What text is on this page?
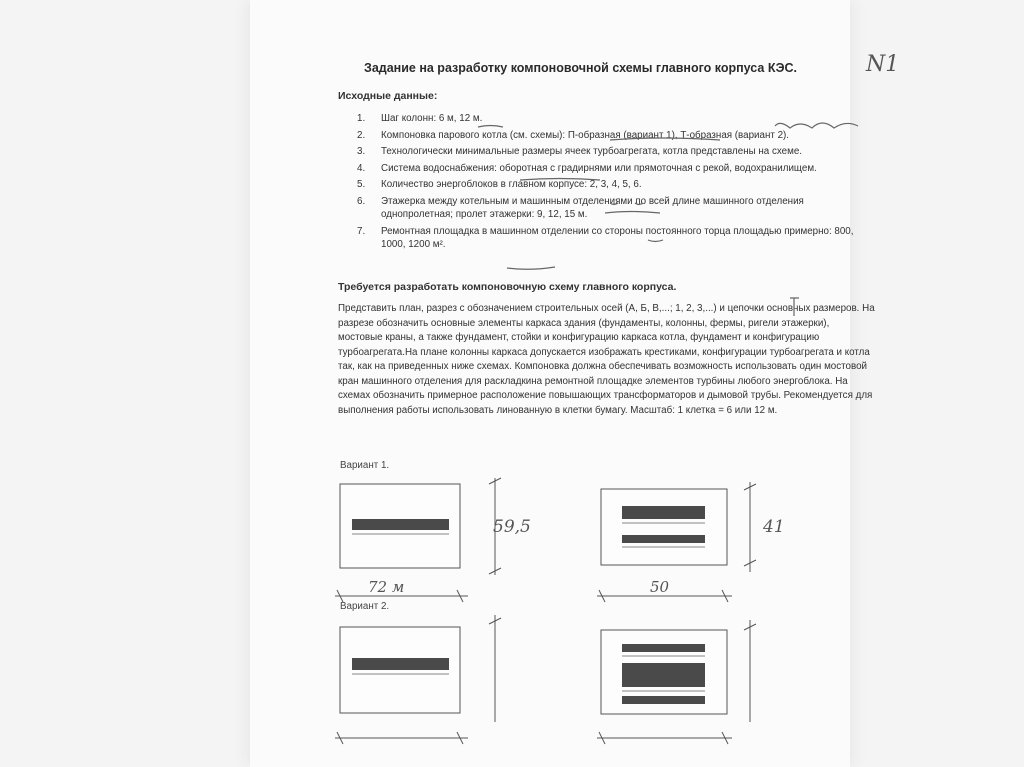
Задание на разработку компоновочной схемы главного корпуса КЭС.	N1
Исходные данные:
1. Шаг колонн: 6 м, 12 м.
2. Компоновка парового котла (см. схемы): П-образная (вариант 1), Т-образная (вариант 2).
3. Технологически минимальные размеры ячеек турбоагрегата, котла представлены на схеме.
4. Система водоснабжения: оборотная с градирнями или прямоточная с рекой, водохранилищем.
5. Количество энергоблоков в главном корпусе: 2, 3, 4, 5, 6.
6. Этажерка между котельным и машинным отделениями по всей длине машинного отделения однопролетная; пролет этажерки: 9, 12, 15 м.
7. Ремонтная площадка в машинном отделении со стороны постоянного торца площадью примерно: 800, 1000, 1200 м².
Требуется разработать компоновочную схему главного корпуса.

Представить план, разрез с обозначением строительных осей (А, Б, В,...; 1, 2, 3,...) и цепочки основных размеров. На разрезе обозначить основные элементы каркаса здания (фундаменты, колонны, фермы, ригели этажерки), мостовые краны, а также фундамент, стойки и конфигурацию каркаса котла, фундамент и конфигурацию турбоагрегата.На плане колонны каркаса допускается изображать крестиками, конфигурации турбоагрегата и котла так, как на приведенных ниже схемах. Компоновка должна обеспечивать возможность использовать один мостовой кран машинного отделения для раскладкина ремонтной площадке элементов турбины любого энергоблока. На схемах обозначить примерное расположение повышающих трансформаторов и дымовой трубы. Рекомендуется для выполнения работы использовать линованную в клетки бумагу. Масштаб: 1 клетка = 6 или 12 м.

Вариант 1.
Вариант 2.
59,5
72 м
41
50
